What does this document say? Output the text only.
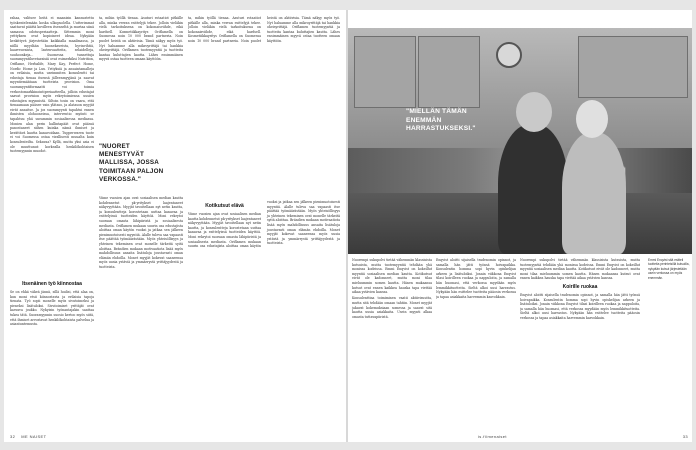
rahaa, valitsee heitä ei maanisin kannustettu työskentelemään koska ulkopuolella. Uutterimmat saattavat päättä kovilleen itsenseltä ja murtaa siinä samassa odotusperiaatteja. Sittemmin moni yrittyksen ovat kopioineet ideaa. Nykyään keskittyvä järjestetään kaikkialla maailmassa, ja niillä myydään huonekaveista, hyvinvihtiä, haarreuvaista, lastenvaatteita, selaidelleja, suuhoonkeja... Suomessa tunnettuja suoramyyntiluvetaraisiä ovat esimerkiksi Nutrition, Oriflame, Herbalife, Mary Kay, Perfect Home, Nordic Home ja Lux. Yrityksiä ja ansaintamalleja on erilaisia, mutta useimmiten konsulentti tai edustaja tienaa itsensä jälleenmyyjänä ja saavat myyntiemäätaan tuotteista provision. Oma suoramyyntiformaatti voi toimia verkostomarkkinointiperiaatteella, jolloin edustajat saavat provision myös rekrytoimiensa uusien edustajien myynnistä. Siltoin tosin on vaara, että tienaamaan pääsee vain ylätaso, ja alatason myyjät eivät ansaitse. Ja jos suoramyynti tapahtui ennen ihmisten olohuoneissa, interventio myönti se tapahtuu yhä useammin sosiaalisessa mediassa. Monien alan perin hallintapäät ovat päässä panostaneet siihen kuinka nämä ihmiset ja kerättävä kautta kanavoidaan. Tupperwaren tuote ei voi Suomessa ostaa virallisesti muualta kuin konsulenteilta. Sekavaa? Kyllä, mutta yksi asia ei ole muuttunut: korkealla henkilökohtaisen tuotemyynnin muodot.

Itsenäinen työ kiinnostaa

Se on ehkä väkeä jännä, sillä luulisi, että alaa on, kun moni etsii kiinnostavia ja erilaisia tapoja tienata. Työ sopii monelle myös sivutoimeksi ja pieneksi lisätuloksi. Sivutoimiset yrittäjät ovat kasvava joukko. Nykyisin työnantajakin saattaa tukea tätä. Suoramyynnin suosio kertoo myös siitä, että ihmiset arvostavat henkilökohtaista palvelua ja asiantuntemusta.

ta, mihin työllä tienaa. Asuturi rotaatiot pitkälle alla, minka verran esittelyjä tekee. Jolloin vieläkin vielä tarkoituksena on kokonaisviihde, eikä hardsell. Kosmetiikkayritys Oriflamella on Suomessa noin 10 000 brand partneria. Noin puolet heistä on aktiivisia. Tämä näkyy myös työ. Nyt haluamme alla mikroyrittäjä tai hankkia oheisyrittäjä. Oriflamen tuotemyyntiä ja tuotteita kantaa kuluttajien kautta. Lähes ensimmäinen myyvä ostaa tuotteen omaan käyttöön.

"NUORET MENESTYVÄT MALLISSA, JOSSA TOIMITAAN PALJON VERKOSSA."

Viime vuosien ajan ovat sosiaalisen median kautta kohdennetut pk-yritykset laajentaneet näkyvyyttään. Myyjät tavoitellaan nyt netin kautta, ja konsulentteja korostetaan uuttaa kanavaa ja esittelyissä tuotteiden käyttöä. Moni rekrytoi suoraan omasta lähipiiristä ja sosiaalisesta mediasta. Oriflamen mukaan suurin osa edustajista aloittaa oman käytön vuoksi ja jatkaa sen jälkeen pienimuotoisesti myyntiä. Alalle tuleva saa vapaasti itse päättää työmäärästään. Myös yhteisöllisyys ja yhteinen tekeminen ovat monelle tärkeitä syitä aloittaa. Brändien mukaan motivaatiota lisää myös mahdollisuus ansaita lisätuloja joustavasti oman elämän ehdoilla. Monet myyjät kokevat saaneensa myös uusia ystäviä ja ymmärrystä yrittäjyydestä ja tuotteista.

ta, mihin työllä tienaa. Asuturi rotaatiot pitkälle alla, minka verran esittelyjä tekee. Jolloin vieläkin vielä tarkoituksena on kokonaisviihde, eikä hardsell. Kosmetiikkayritys Oriflamella on Suomessa noin 10 000 brand partneria. Noin puolet heistä on aktiivisia. Tämä näkyy myös työ. Nyt haluamme alla mikroyrittäjä tai hankkia oheisyrittäjä. Oriflamen tuotemyyntiä ja tuotteita kantaa kuluttajien kautta. Lähes ensimmäinen myyvä ostaa tuotteen omaan käyttöön.

Kotikutsut elävä

Viime vuosien ajan ovat sosiaalisen median kautta kohdennetut pk-yritykset laajentaneet näkyvyyttään. Myyjät tavoitellaan nyt netin kautta, ja konsulentteja korostetaan uuttaa kanavaa ja esittelyissä tuotteiden käyttöä. Moni rekrytoi suoraan omasta lähipiiristä ja sosiaalisesta mediasta. Oriflamen mukaan suurin osa edustajista aloittaa oman käytön vuoksi ja jatkaa sen jälkeen pienimuotoisesti myyntiä. Alalle tuleva saa vapaasti itse päättää työmäärästään. Myös yhteisöllisyys ja yhteinen tekeminen ovat monelle tärkeitä syitä aloittaa. Brändien mukaan motivaatiota lisää myös mahdollisuus ansaita lisätuloja joustavasti oman elämän ehdoilla. Monet myyjät kokevat saaneensa myös uusia ystäviä ja ymmärrystä yrittäjyydestä ja tuotteista.

32 ME NAISET
"MIELLÄN TÄMÄN ENEMMÄN HARRASTUKSEKSI."

Nuorempi sukupolvi tietää vähemmän klassisista kutsuista, mutta tuotemyyntiä tehdään yhä monissa kodeissa. Emmi Enqvist on kokeillut myyntiä sosiaalisen median kautta. Kotikutsut eivät ole kadonneet, mutta moni tilaa mieluummin somen kautta. Hänen mukaansa kutsut ovat ennen kaikkea hauska tapa viettää aikaa ystävien kanssa.

Konsulenttina toimiminen vaatii aktiivisuutta, mutta sitä tehdään omaan tahtiin. Monet myyjät jakavat kokemuksiaan somessa ja saavat sitä kautta uusia asiakkaita. Usein myynti alkaa omasta tuttavapiiristä.

Enqvist aloitti sijaisella tradenomin opinnot, ja samalla hän jätti työnsä hoivapaikka. Konsulentin homma sopi hyvin opiskelijan arkeen ja lisätuloiksi. Jonain viikkona Enqvist tilasi koirilleen ruokaa ja nappuloita, ja samalla hän huomasi, että verkossa myydään myös lemmikkituotteita. Sieltä alkoi uusi harrastus. Nykyään hän esittelee tuotteita pääosin verkossa ja tapaa asiakkaita harvemmin kasvokkain.

Nuorempi sukupolvi tietää vähemmän klassisista kutsuista, mutta tuotemyyntiä tehdään yhä monissa kodeissa. Emmi Enqvist on kokeillut myyntiä sosiaalisen median kautta. Kotikutsut eivät ole kadonneet, mutta moni tilaa mieluummin somen kautta. Hänen mukaansa kutsut ovat ennen kaikkea hauska tapa viettää aikaa ystävien kanssa.

Koirille ruokaa

Enqvist aloitti sijaisella tradenomin opinnot, ja samalla hän jätti työnsä hoivapaikka. Konsulentin homma sopi hyvin opiskelijan arkeen ja lisätuloiksi. Jonain viikkona Enqvist tilasi koirilleen ruokaa ja nappuloita, ja samalla hän huomasi, että verkossa myydään myös lemmikkituotteita. Sieltä alkoi uusi harrastus. Nykyään hän esittelee tuotteita pääosin verkossa ja tapaa asiakkaita harvemmin kasvokkain.

Emmi Enqvist sitä esitteli tuotteita perinteisillä kutsuilla, nykyään kutsut järjestetään usein verkossa on myös enemmän.
is.fi/menaiset	33
